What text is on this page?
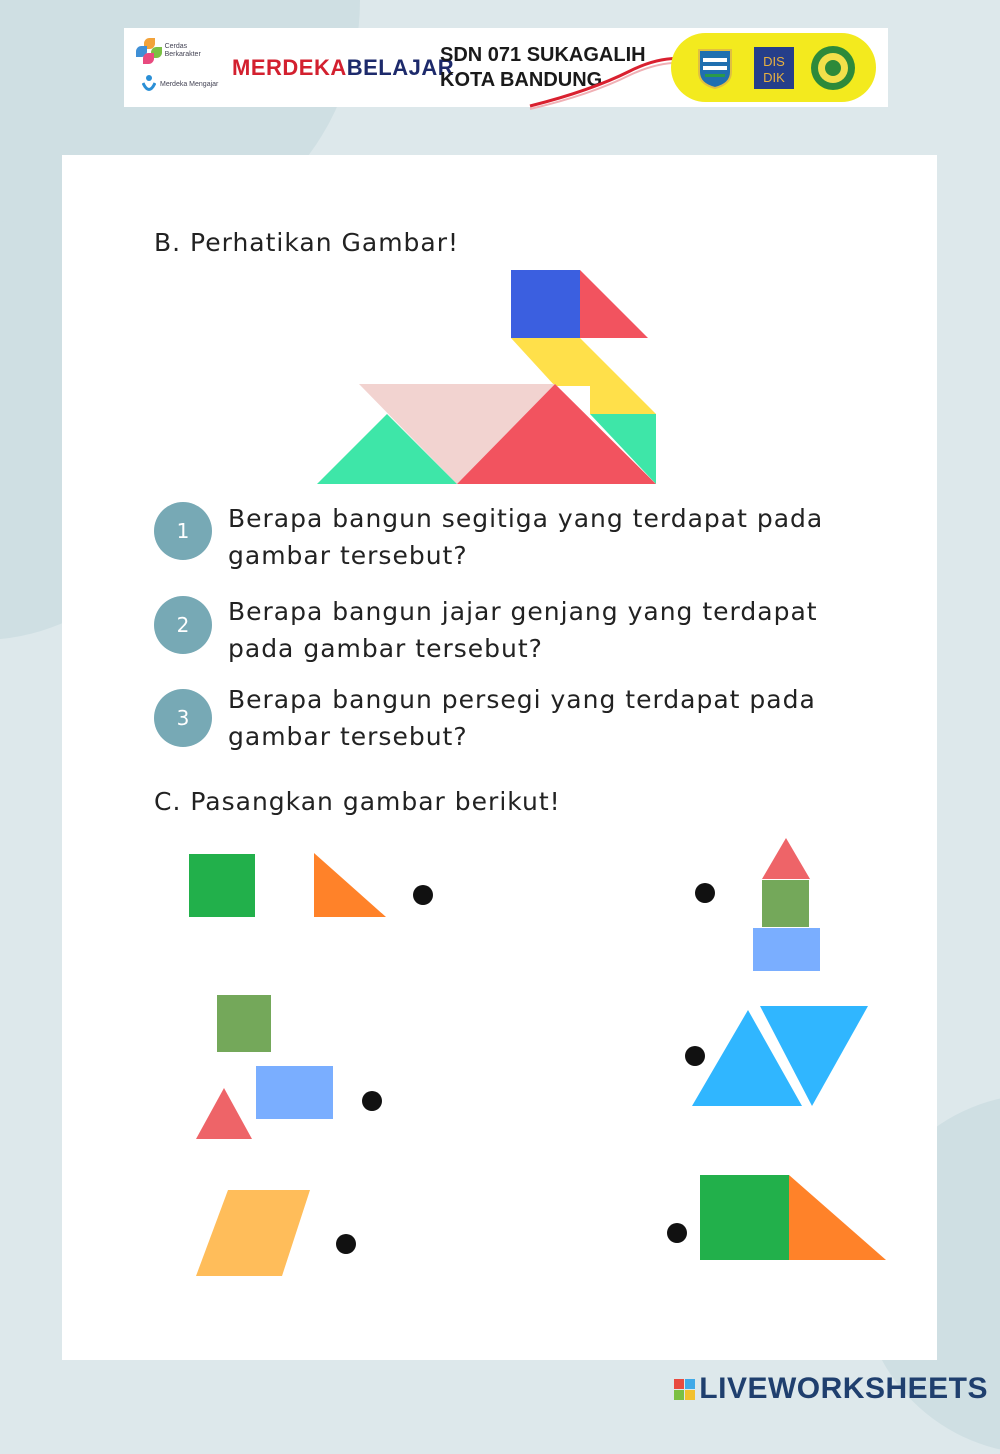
Cerdas Berkarakter
Merdeka Mengajar
MERDEKABELAJAR
SDN 071 SUKAGALIH
KOTA BANDUNG
DIS
DIK
B. Perhatikan Gambar!
1	Berapa bangun segitiga yang terdapat pada gambar tersebut?
2	Berapa bangun jajar genjang yang terdapat pada gambar tersebut?
3
Berapa bangun persegi yang terdapat pada gambar tersebut?
C. Pasangkan gambar berikut!
LIVEWORKSHEETS
